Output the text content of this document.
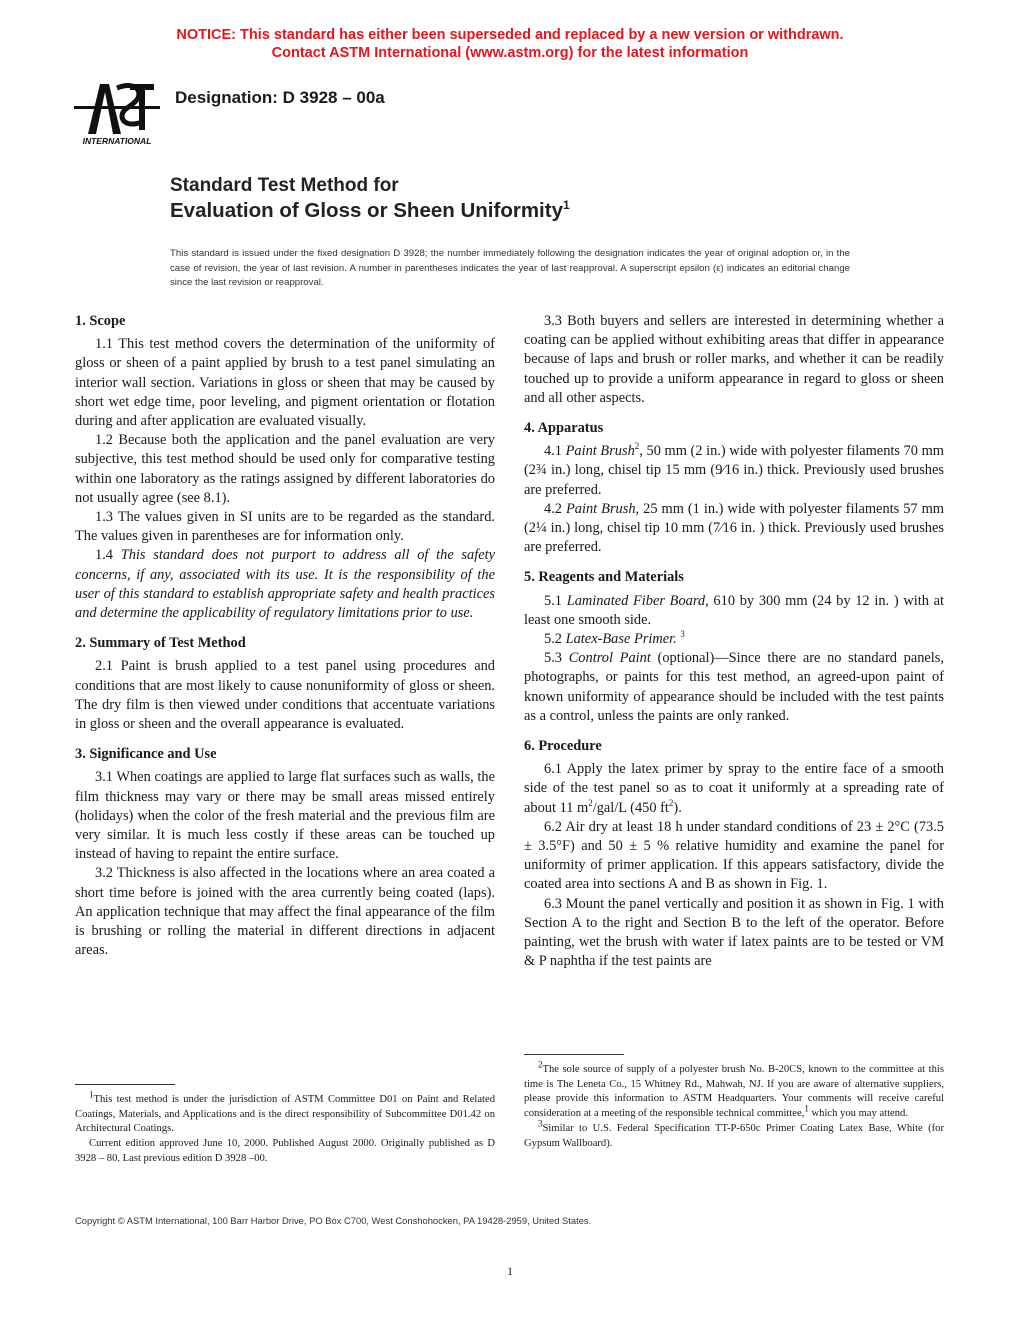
NOTICE: This standard has either been superseded and replaced by a new version or withdrawn.
Contact ASTM International (www.astm.org) for the latest information
INTERNATIONAL
Designation: D 3928 – 00a
Standard Test Method for
Evaluation of Gloss or Sheen Uniformity$^1$
This standard is issued under the fixed designation D 3928; the number immediately following the designation indicates the year of original adoption or, in the case of revision, the year of last revision. A number in parentheses indicates the year of last reapproval. A superscript epsilon (ε) indicates an editorial change since the last revision or reapproval.
1. Scope

1.1 This test method covers the determination of the uniformity of gloss or sheen of a paint applied by brush to a test panel simulating an interior wall section. Variations in gloss or sheen that may be caused by short wet edge time, poor leveling, and pigment orientation or flotation during and after application are evaluated visually.

1.2 Because both the application and the panel evaluation are very subjective, this test method should be used only for comparative testing within one laboratory as the ratings assigned by different laboratories do not usually agree (see 8.1).

1.3 The values given in SI units are to be regarded as the standard. The values given in parentheses are for information only.

1.4 This standard does not purport to address all of the safety concerns, if any, associated with its use. It is the responsibility of the user of this standard to establish appropriate safety and health practices and determine the applicability of regulatory limitations prior to use.

2. Summary of Test Method

2.1 Paint is brush applied to a test panel using procedures and conditions that are most likely to cause nonuniformity of gloss or sheen. The dry film is then viewed under conditions that accentuate variations in gloss or sheen and the overall appearance is evaluated.

3. Significance and Use

3.1 When coatings are applied to large flat surfaces such as walls, the film thickness may vary or there may be small areas missed entirely (holidays) when the color of the fresh material and the previous film are very similar. It is much less costly if these areas can be touched up instead of having to repaint the entire surface.

3.2 Thickness is also affected in the locations where an area coated a short time before is joined with the area currently being coated (laps). An application technique that may affect the final appearance of the film is brushing or rolling the material in different directions in adjacent areas.

3.3 Both buyers and sellers are interested in determining whether a coating can be applied without exhibiting areas that differ in appearance because of laps and brush or roller marks, and whether it can be readily touched up to provide a uniform appearance in regard to gloss or sheen and all other aspects.

4. Apparatus

4.1 Paint Brush$^2$, 50 mm (2 in.) wide with polyester filaments 70 mm (2¾ in.) long, chisel tip 15 mm (9⁄16 in.) thick. Previously used brushes are preferred.

4.2 Paint Brush, 25 mm (1 in.) wide with polyester filaments 57 mm (2¼ in.) long, chisel tip 10 mm (7⁄16 in. ) thick. Previously used brushes are preferred.

5. Reagents and Materials

5.1 Laminated Fiber Board, 610 by 300 mm (24 by 12 in. ) with at least one smooth side.

5.2 Latex-Base Primer. $^3$

5.3 Control Paint (optional)—Since there are no standard panels, photographs, or paints for this test method, an agreed-upon paint of known uniformity of appearance should be included with the test paints as a control, unless the paints are only ranked.

6. Procedure

6.1 Apply the latex primer by spray to the entire face of a smooth side of the test panel so as to coat it uniformly at a spreading rate of about 11 $m^2/gal/L$ (450 $ft^2$).

6.2 Air dry at least 18 h under standard conditions of 23 ± 2°C (73.5 ± 3.5°F) and 50 ± 5 % relative humidity and examine the panel for uniformity of primer application. If this appears satisfactory, divide the coated area into sections A and B as shown in Fig. 1.

6.3 Mount the panel vertically and position it as shown in Fig. 1 with Section A to the right and Section B to the left of the operator. Before painting, wet the brush with water if latex paints are to be tested or VM & P naphtha if the test paints are

$^1$This test method is under the jurisdiction of ASTM Committee D01 on Paint and Related Coatings, Materials, and Applications and is the direct responsibility of Subcommittee D01.42 on Architectural Coatings.

Current edition approved June 10, 2000. Published August 2000. Originally published as D 3928 – 80. Last previous edition D 3928 –00.

$^2$The sole source of supply of a polyester brush No. B-20CS, known to the committee at this time is The Leneta Co., 15 Whitney Rd., Mahwah, NJ. If you are aware of alternative suppliers, please provide this information to ASTM Headquarters. Your comments will receive careful consideration at a meeting of the responsible technical committee,$^1$ which you may attend.

$^3$Similar to U.S. Federal Specification TT-P-650c Primer Coating Latex Base, White (for Gypsum Wallboard).

Copyright © ASTM International, 100 Barr Harbor Drive, PO Box C700, West Conshohocken, PA 19428-2959, United States.
1
